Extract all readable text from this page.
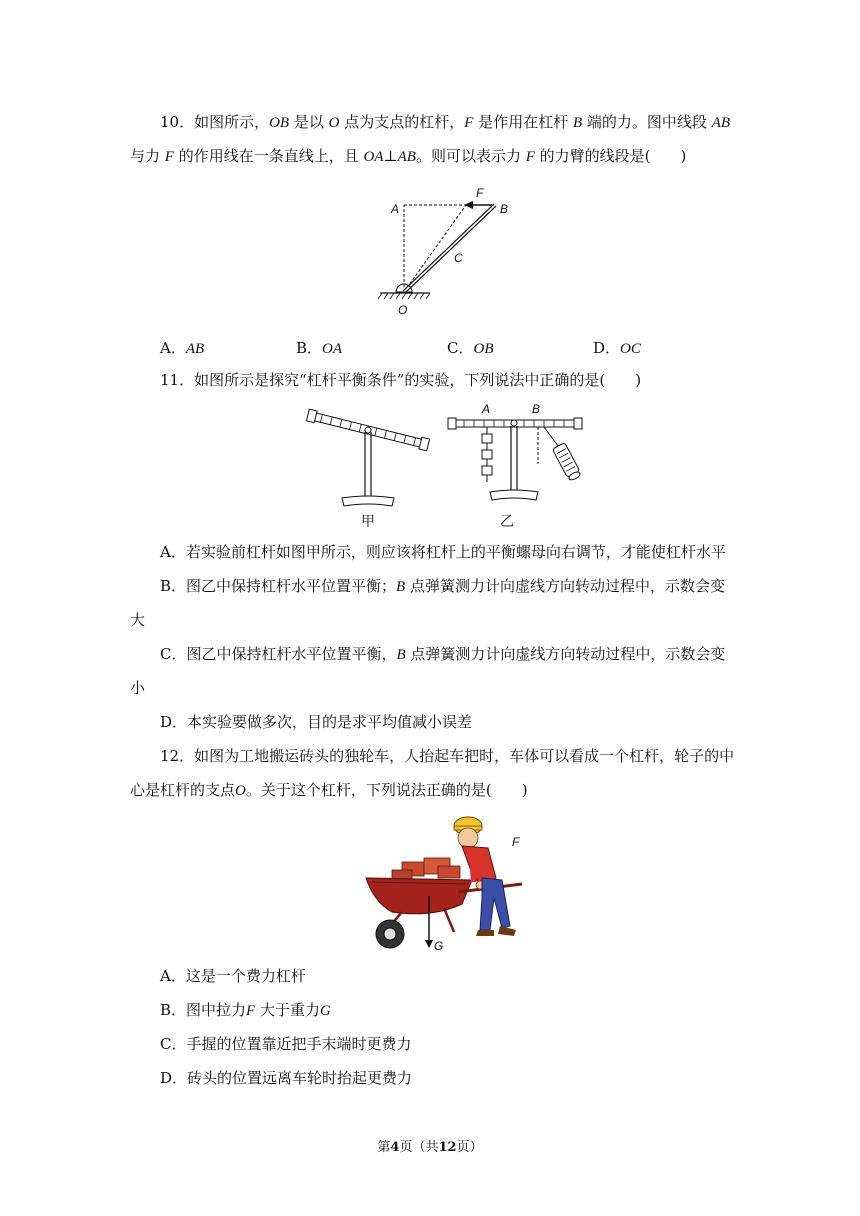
10．如图所示，OB 是以 O 点为支点的杠杆，F 是作用在杠杆 B 端的力。图中线段 AB
与力 F 的作用线在一条直线上，且 OA⊥AB。则可以表示力 F 的力臂的线段是(　　)
A	B
F
C
O
A．AB	B．OA	C．OB	D．OC
11．如图所示是探究“杠杆平衡条件”的实验，下列说法中正确的是(　　)
甲
A	B
乙
A．若实验前杠杆如图甲所示，则应该将杠杆上的平衡螺母向右调节，才能使杠杆水平
B．图乙中保持杠杆水平位置平衡；B 点弹簧测力计向虚线方向转动过程中，示数会变
大
C．图乙中保持杠杆水平位置平衡，B 点弹簧测力计向虚线方向转动过程中，示数会变
小
D．本实验要做多次，目的是求平均值减小误差
12．如图为工地搬运砖头的独轮车，人抬起车把时，车体可以看成一个杠杆，轮子的中
心是杠杆的支点O。关于这个杠杆，下列说法正确的是(　　)
G
F
A．这是一个费力杠杆
B．图中拉力F 大于重力G
C．手握的位置靠近把手末端时更费力
D．砖头的位置远离车轮时抬起更费力
第4页（共12页）
